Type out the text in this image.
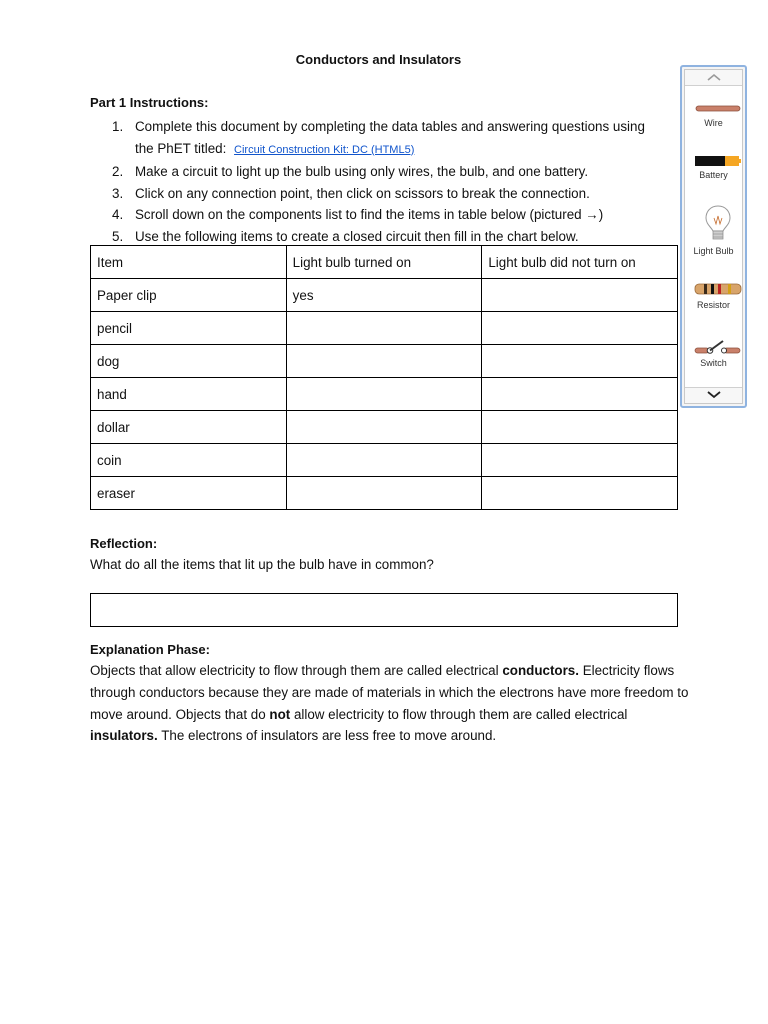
Conductors and Insulators
Part 1 Instructions:
1. Complete this document by completing the data tables and answering questions using
the PhET titled: Circuit Construction Kit: DC (HTML5)
2. Make a circuit to light up the bulb using only wires, the bulb, and one battery.
3. Click on any connection point, then click on scissors to break the connection.
4. Scroll down on the components list to find the items in table below (pictured →)
5. Use the following items to create a closed circuit then fill in the chart below.
Item	Light bulb turned on	Light bulb did not turn on
Paper clip	yes	
pencil		
dog		
hand		
dollar		
coin		
eraser		
Reflection:
What do all the items that lit up the bulb have in common?
Explanation Phase:
Objects that allow electricity to flow through them are called electrical conductors. Electricity flows through conductors because they are made of materials in which the electrons have more freedom to move around. Objects that do not allow electricity to flow through them are called electrical insulators. The electrons of insulators are less free to move around.
Wire
Battery
Light Bulb
Resistor
Switch
